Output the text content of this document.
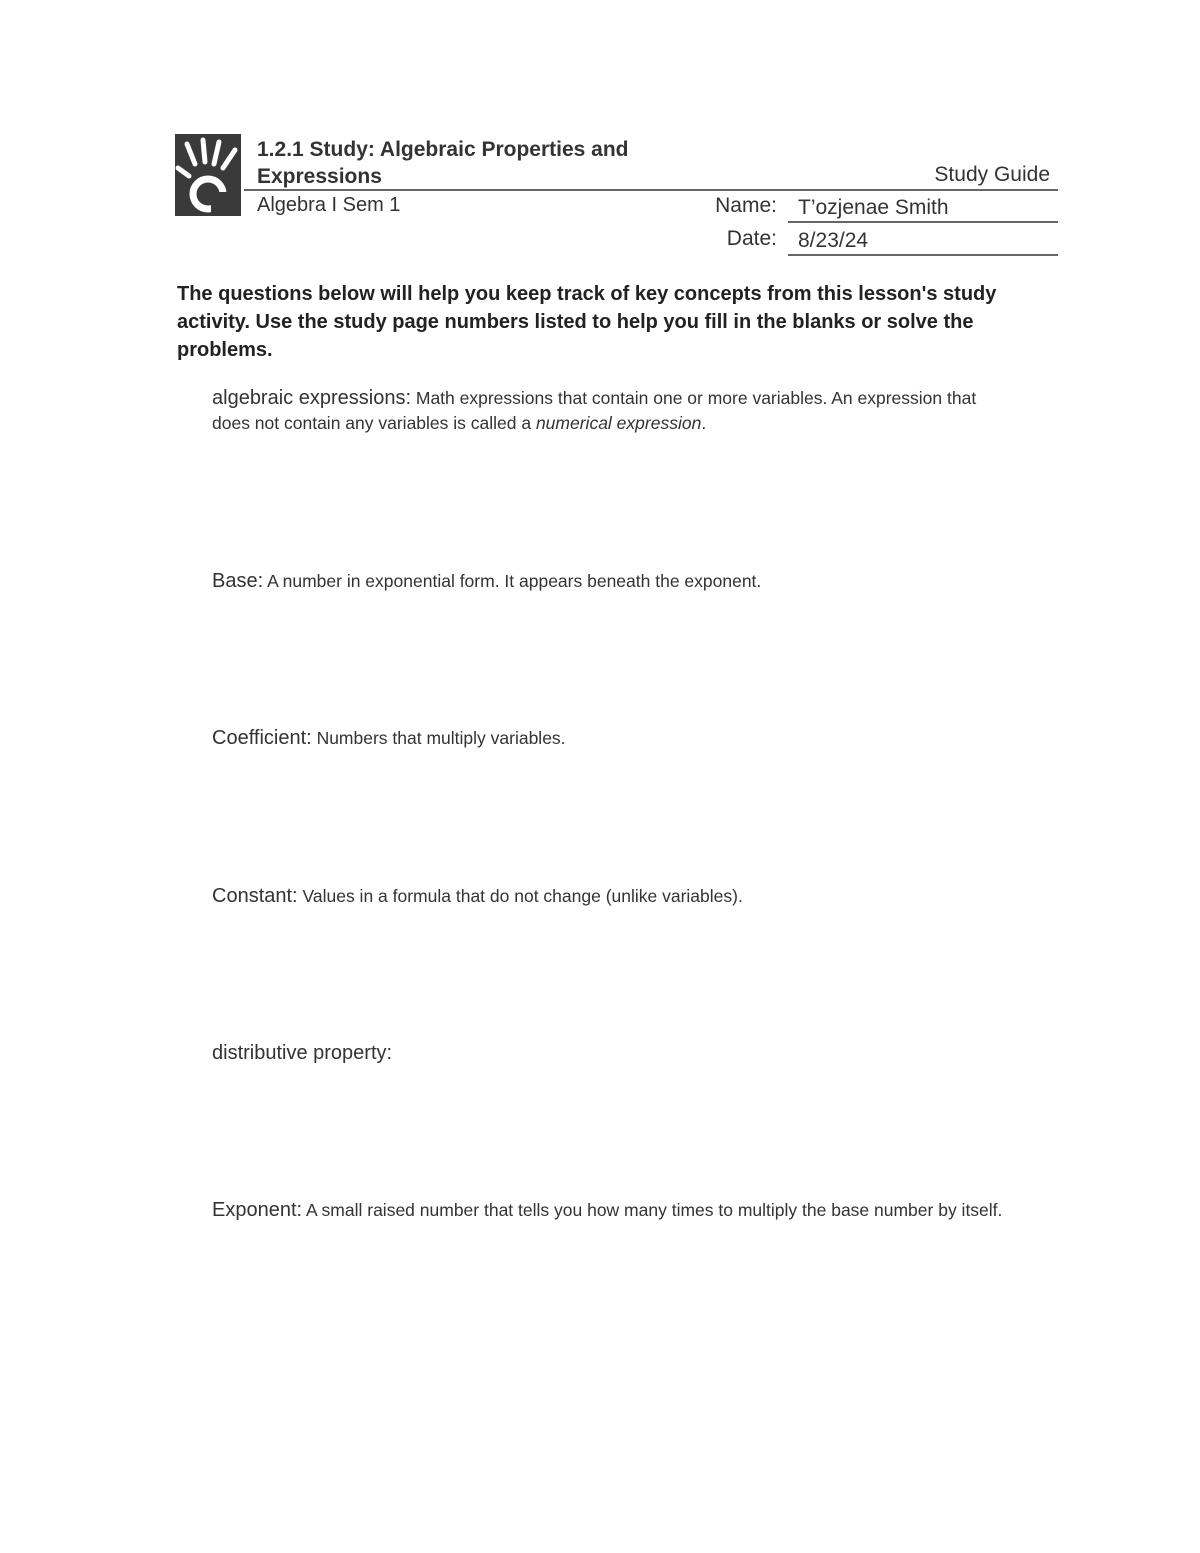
1.2.1 Study: Algebraic Properties and Expressions	Study Guide
Algebra I Sem 1	Name:	T’ozjenae Smith
Date:	8/23/24
The questions below will help you keep track of key concepts from this lesson's study activity. Use the study page numbers listed to help you fill in the blanks or solve the problems.
algebraic expressions: Math expressions that contain one or more variables. An expression that does not contain any variables is called a numerical expression.
Base: A number in exponential form. It appears beneath the exponent.
Coefficient: Numbers that multiply variables.
Constant: Values in a formula that do not change (unlike variables).
distributive property:
Exponent: A small raised number that tells you how many times to multiply the base number by itself.
